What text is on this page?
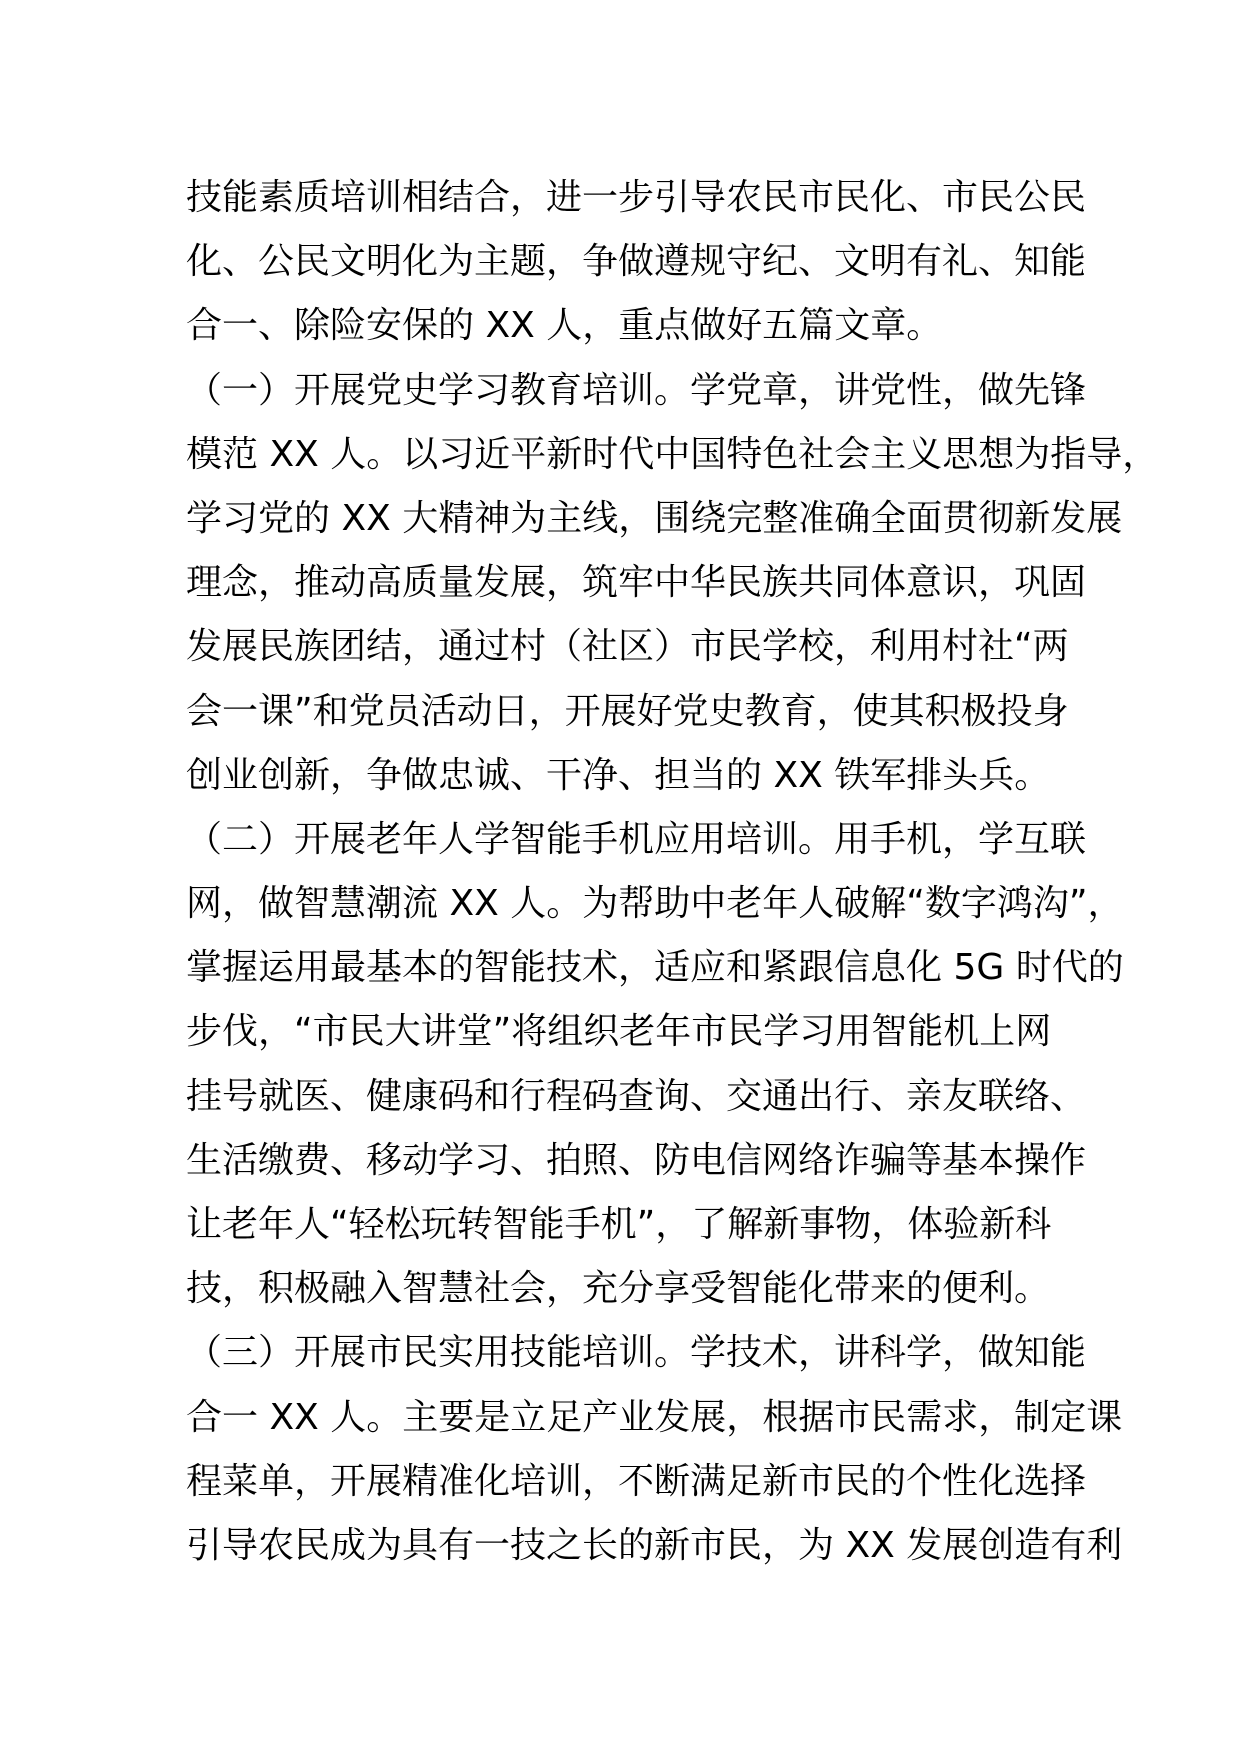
技能素质培训相结合，进一步引导农民市民化、市民公民
化、公民文明化为主题，争做遵规守纪、文明有礼、知能
合一、除险安保的 XX 人，重点做好五篇文章。
（一）开展党史学习教育培训。学党章，讲党性，做先锋
模范 XX 人。以习近平新时代中国特色社会主义思想为指导，
学习党的 XX 大精神为主线，围绕完整准确全面贯彻新发展
理念，推动高质量发展，筑牢中华民族共同体意识，巩固
发展民族团结，通过村（社区）市民学校，利用村社“两
会一课”和党员活动日，开展好党史教育，使其积极投身
创业创新，争做忠诚、干净、担当的 XX 铁军排头兵。
（二）开展老年人学智能手机应用培训。用手机，学互联
网，做智慧潮流 XX 人。为帮助中老年人破解“数字鸿沟”，
掌握运用最基本的智能技术，适应和紧跟信息化 5G 时代的
步伐，“市民大讲堂”将组织老年市民学习用智能机上网
挂号就医、健康码和行程码查询、交通出行、亲友联络、
生活缴费、移动学习、拍照、防电信网络诈骗等基本操作
让老年人“轻松玩转智能手机”，了解新事物，体验新科
技，积极融入智慧社会，充分享受智能化带来的便利。
（三）开展市民实用技能培训。学技术，讲科学，做知能
合一 XX 人。主要是立足产业发展，根据市民需求，制定课
程菜单，开展精准化培训，不断满足新市民的个性化选择
引导农民成为具有一技之长的新市民，为 XX 发展创造有利
